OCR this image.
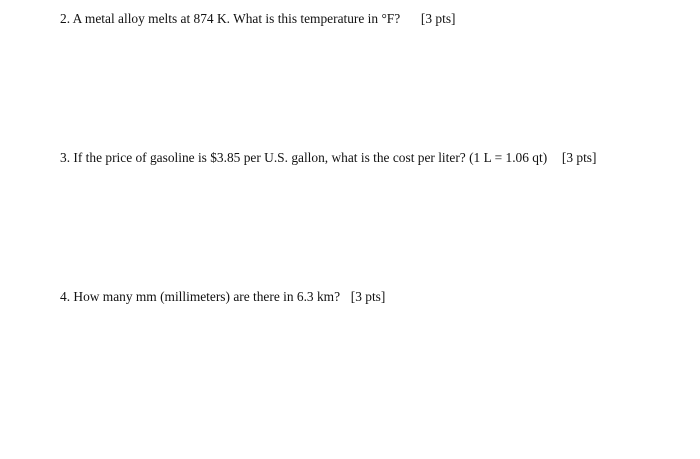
2. A metal alloy melts at 874 K. What is this temperature in °F? [3 pts]
3. If the price of gasoline is $3.85 per U.S. gallon, what is the cost per liter? (1 L = 1.06 qt) [3 pts]
4. How many mm (millimeters) are there in 6.3 km? [3 pts]
